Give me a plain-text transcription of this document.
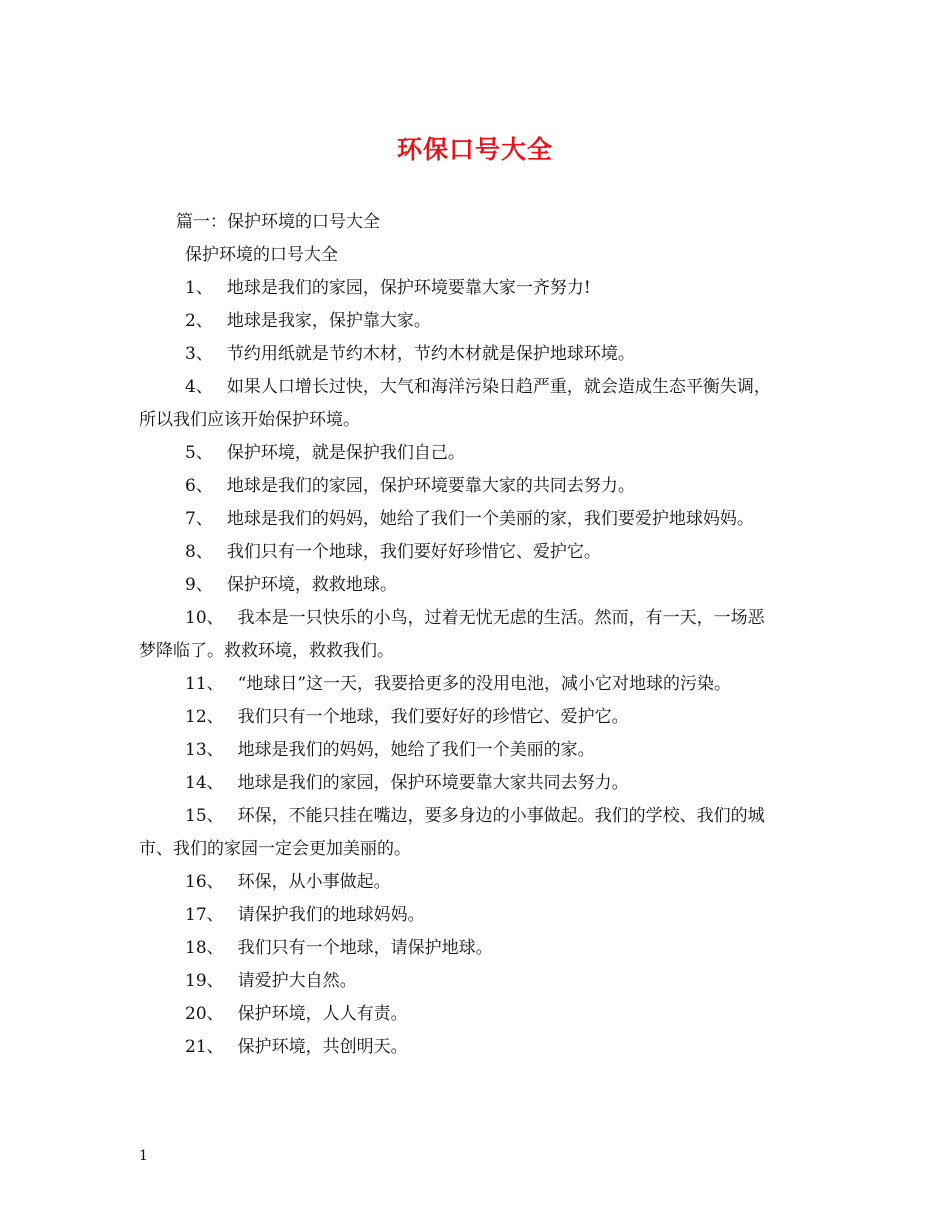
环保口号大全
篇一：保护环境的口号大全
保护环境的口号大全
1、 地球是我们的家园，保护环境要靠大家一齐努力!
2、 地球是我家，保护靠大家。
3、 节约用纸就是节约木材，节约木材就是保护地球环境。
4、 如果人口增长过快，大气和海洋污染日趋严重，就会造成生态平衡失调，
所以我们应该开始保护环境。
5、 保护环境，就是保护我们自己。
6、 地球是我们的家园，保护环境要靠大家的共同去努力。
7、 地球是我们的妈妈，她给了我们一个美丽的家，我们要爱护地球妈妈。
8、 我们只有一个地球，我们要好好珍惜它、爱护它。
9、 保护环境，救救地球。
10、 我本是一只快乐的小鸟，过着无忧无虑的生活。然而，有一天，一场恶
梦降临了。救救环境，救救我们。
11、 “地球日”这一天，我要拾更多的没用电池，减小它对地球的污染。
12、 我们只有一个地球，我们要好好的珍惜它、爱护它。
13、 地球是我们的妈妈，她给了我们一个美丽的家。
14、 地球是我们的家园，保护环境要靠大家共同去努力。
15、 环保，不能只挂在嘴边，要多身边的小事做起。我们的学校、我们的城
市、我们的家园一定会更加美丽的。
16、 环保，从小事做起。
17、 请保护我们的地球妈妈。
18、 我们只有一个地球，请保护地球。
19、 请爱护大自然。
20、 保护环境，人人有责。
21、 保护环境，共创明天。
1
